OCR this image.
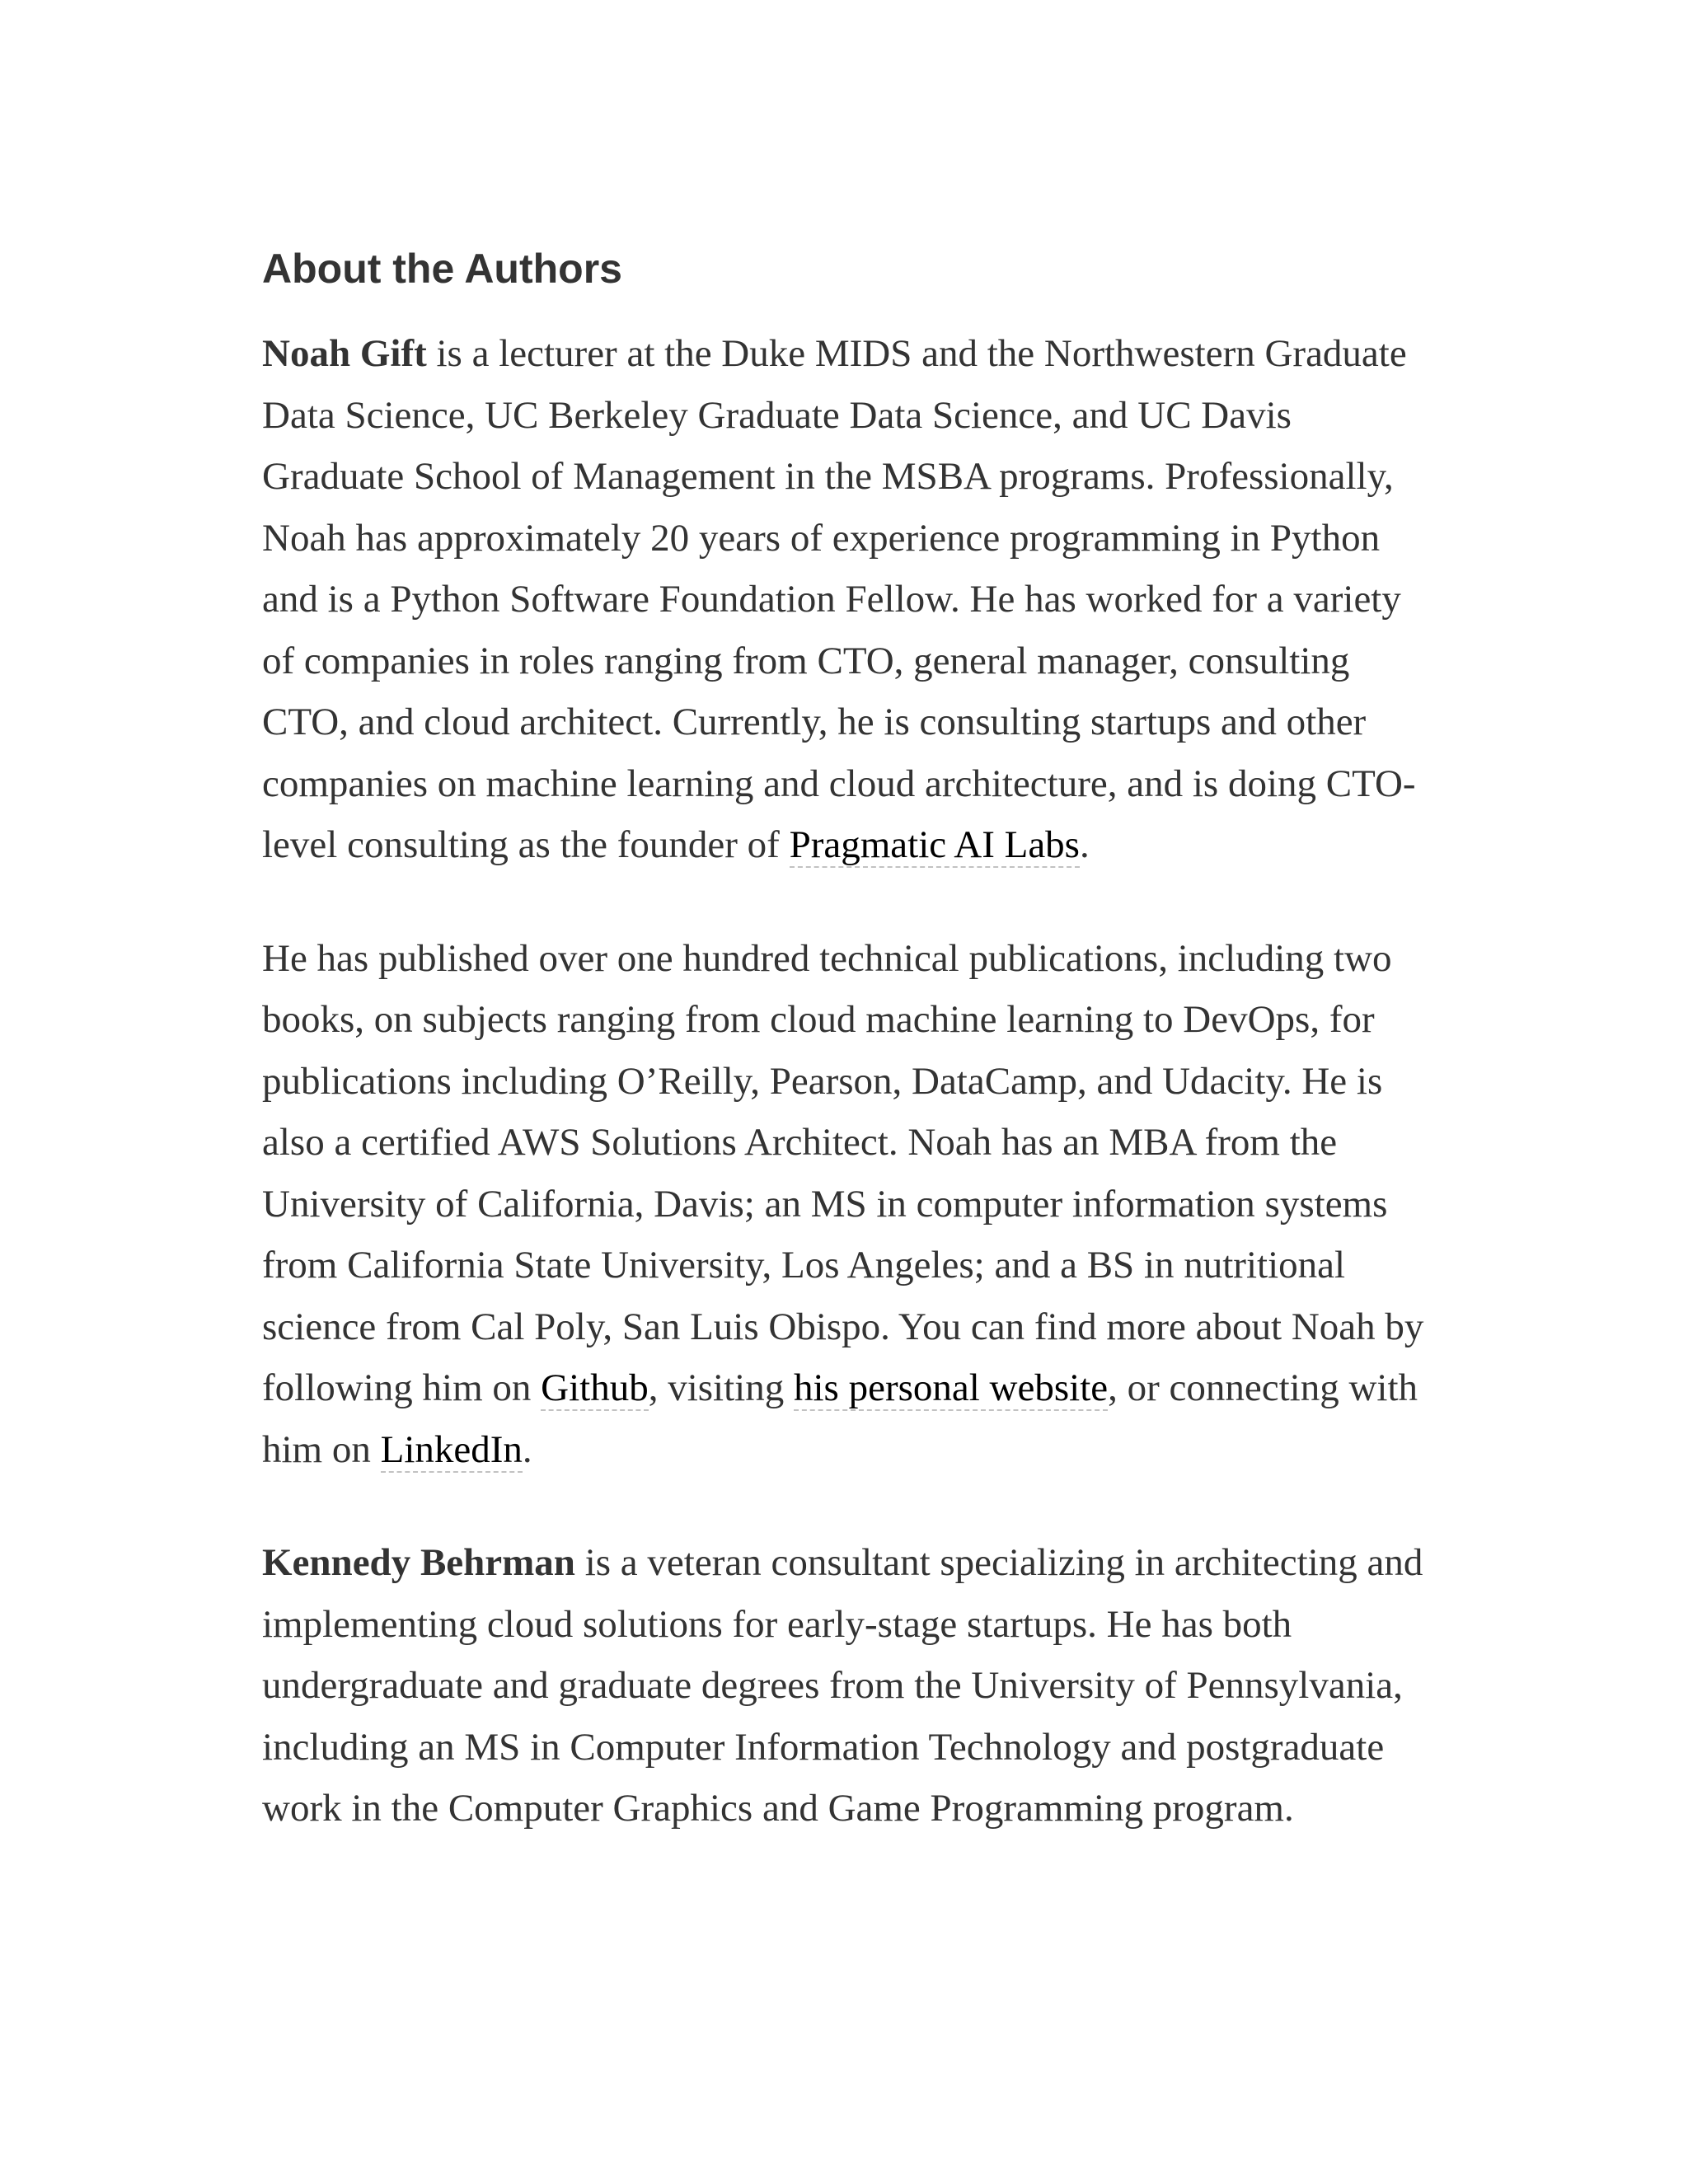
About the Authors

Noah Gift is a lecturer at the Duke MIDS and the Northwestern Graduate Data Science, UC Berkeley Graduate Data Science, and UC Davis Graduate School of Management in the MSBA programs. Professionally, Noah has approximately 20 years of experience programming in Python and is a Python Software Foundation Fellow. He has worked for a variety of companies in roles ranging from CTO, general manager, consulting CTO, and cloud architect. Currently, he is consulting startups and other companies on machine learning and cloud architecture, and is doing CTO-level consulting as the founder of Pragmatic AI Labs.

He has published over one hundred technical publications, including two books, on subjects ranging from cloud machine learning to DevOps, for publications including O’Reilly, Pearson, DataCamp, and Udacity. He is also a certified AWS Solutions Architect. Noah has an MBA from the University of California, Davis; an MS in computer information systems from California State University, Los Angeles; and a BS in nutritional science from Cal Poly, San Luis Obispo. You can find more about Noah by following him on Github, visiting his personal website, or connecting with him on LinkedIn.

Kennedy Behrman is a veteran consultant specializing in architecting and implementing cloud solutions for early-stage startups. He has both undergraduate and graduate degrees from the University of Pennsylvania, including an MS in Computer Information Technology and postgraduate work in the Computer Graphics and Game Programming program.
